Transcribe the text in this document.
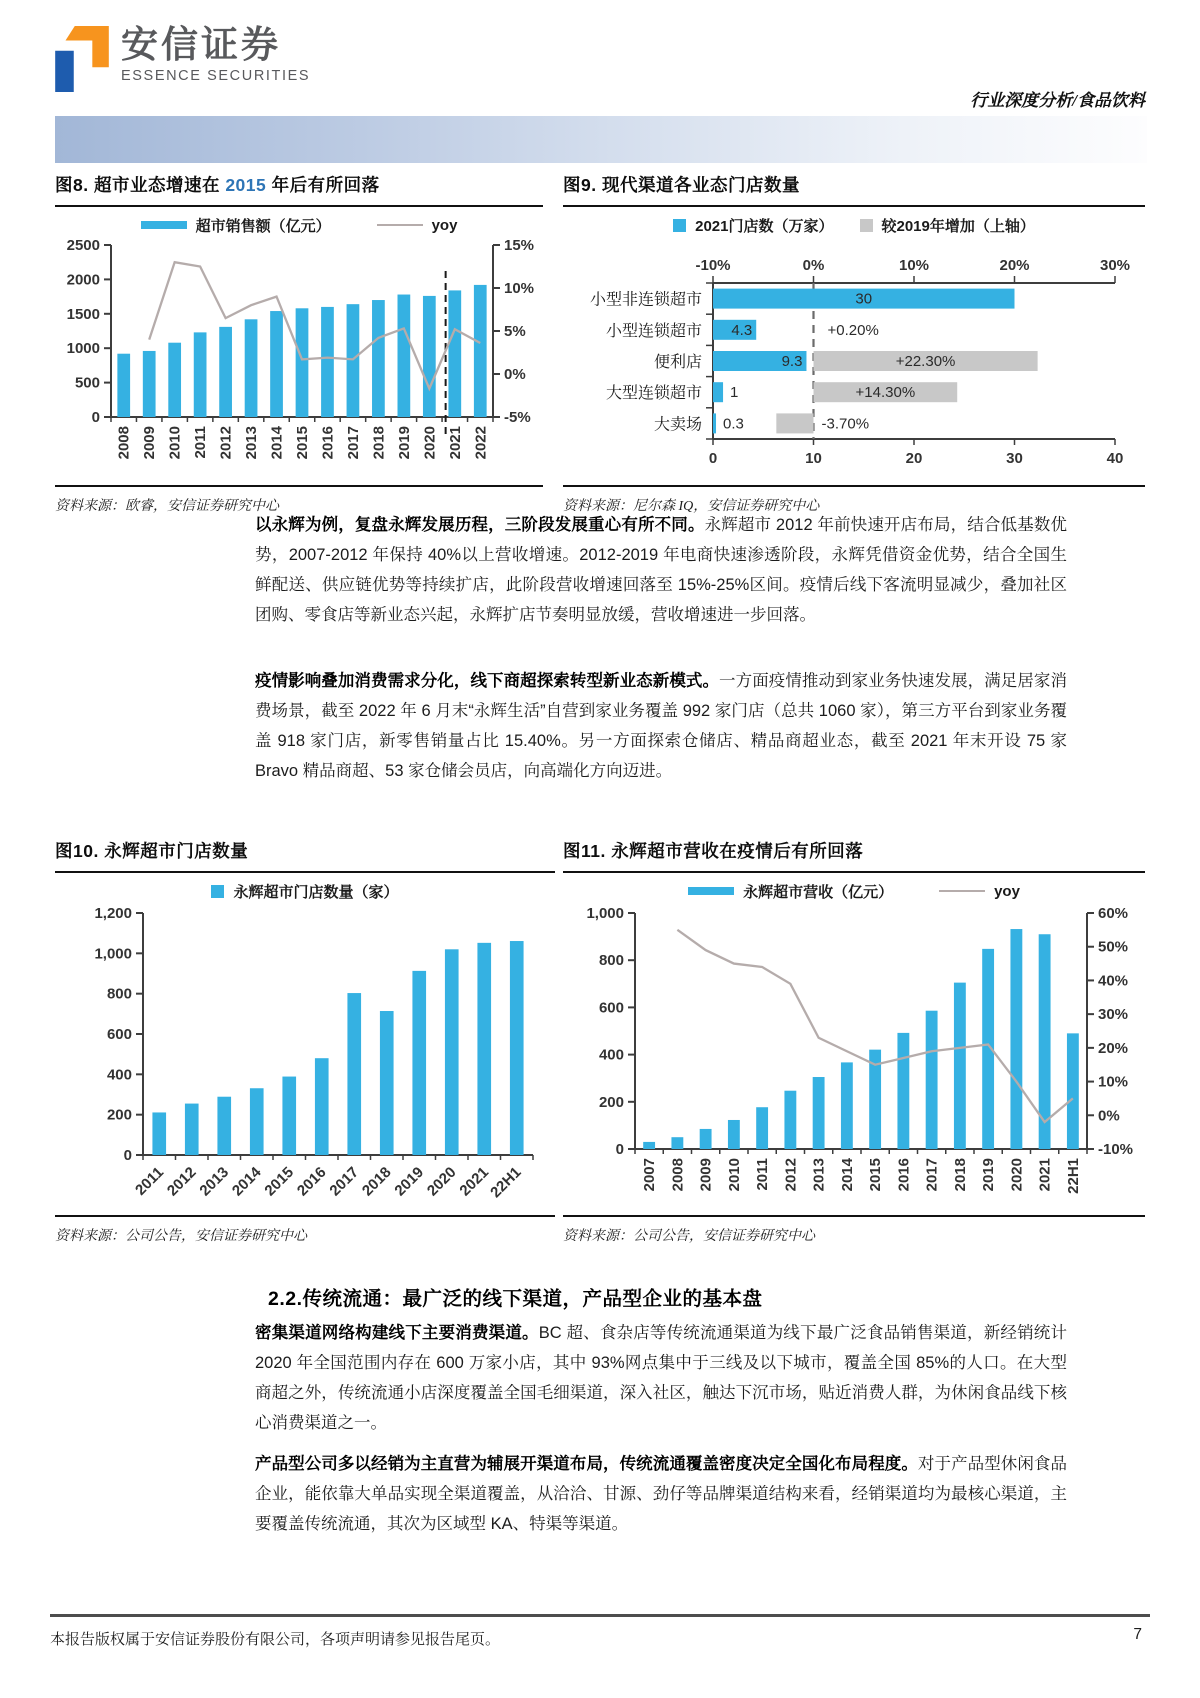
安信证券
ESSENCE SECURITIES
行业深度分析/食品饮料
图8. 超市业态增速在 2015 年后有所回落
超市销售额（亿元）	yoy
0
500
1000
1500
2000
2500
-5%
0%
5%
10%
15%
2008 2009 2010 2011 2012 2013 2014 2015 2016 2017 2018 2019 2020 2021 2022
资料来源：欧睿，安信证券研究中心
图9. 现代渠道各业态门店数量
2021门店数（万家）	较2019年增加（上轴）
-10%	0%	10%	20%	30%
0	10	20	30	40
30
小型非连锁超市
+0.20%
4.3
小型连锁超市
+22.30%
9.3
便利店
+14.30%
1
大型连锁超市
-3.70%
0.3
大卖场
资料来源：尼尔森 IQ，安信证券研究中心
以永辉为例，复盘永辉发展历程，三阶段发展重心有所不同。永辉超市 2012 年前快速开店布局，结合低基数优势，2007-2012 年保持 40%以上营收增速。2012-2019 年电商快速渗透阶段，永辉凭借资金优势，结合全国生鲜配送、供应链优势等持续扩店，此阶段营收增速回落至 15%-25%区间。疫情后线下客流明显减少，叠加社区团购、零食店等新业态兴起，永辉扩店节奏明显放缓，营收增速进一步回落。
疫情影响叠加消费需求分化，线下商超探索转型新业态新模式。一方面疫情推动到家业务快速发展，满足居家消费场景，截至 2022 年 6 月末“永辉生活”自营到家业务覆盖 992 家门店（总共 1060 家），第三方平台到家业务覆盖 918 家门店，新零售销量占比 15.40%。另一方面探索仓储店、精品商超业态，截至 2021 年末开设 75 家 Bravo 精品商超、53 家仓储会员店，向高端化方向迈进。
图10. 永辉超市门店数量
永辉超市门店数量（家）
0
200
400
600
800
1,000
1,200
2011
2012
2013
2014
2015
2016
2017
2018
2019
2020
2021
22H1
资料来源：公司公告，安信证券研究中心
图11. 永辉超市营收在疫情后有所回落
永辉超市营收（亿元）	yoy
0
200
400
600
800
1,000
-10%
0%
10%
20%
30%
40%
50%
60%
2007 2008 2009 2010 2011 2012 2013 2014 2015 2016 2017 2018 2019 2020 2021 22H1
资料来源：公司公告，安信证券研究中心
2.2.传统流通：最广泛的线下渠道，产品型企业的基本盘
密集渠道网络构建线下主要消费渠道。BC 超、食杂店等传统流通渠道为线下最广泛食品销售渠道，新经销统计 2020 年全国范围内存在 600 万家小店，其中 93%网点集中于三线及以下城市，覆盖全国 85%的人口。在大型商超之外，传统流通小店深度覆盖全国毛细渠道，深入社区，触达下沉市场，贴近消费人群，为休闲食品线下核心消费渠道之一。
产品型公司多以经销为主直营为辅展开渠道布局，传统流通覆盖密度决定全国化布局程度。对于产品型休闲食品企业，能依靠大单品实现全渠道覆盖，从洽洽、甘源、劲仔等品牌渠道结构来看，经销渠道均为最核心渠道，主要覆盖传统流通，其次为区域型 KA、特渠等渠道。
本报告版权属于安信证券股份有限公司，各项声明请参见报告尾页。	7
